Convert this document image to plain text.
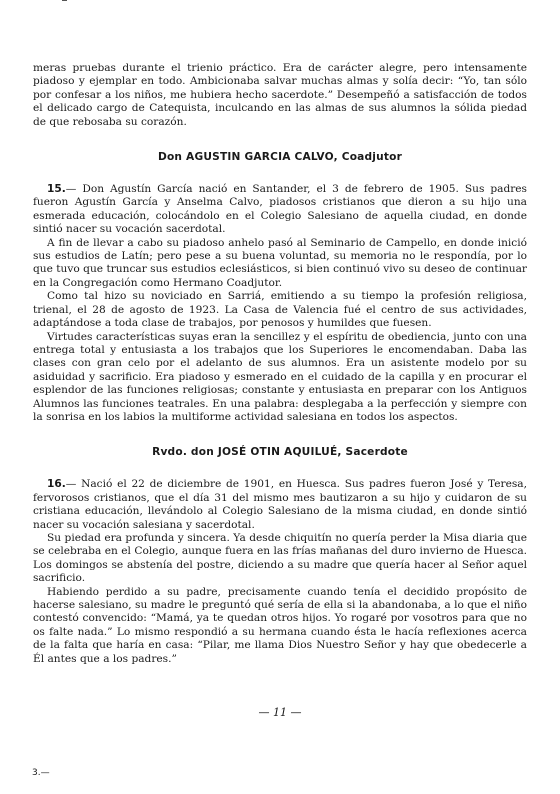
meras pruebas durante el trienio práctico. Era de carácter alegre, pero intensamente piadoso y ejemplar en todo. Ambicionaba salvar muchas almas y solía decir: “Yo, tan sólo por confesar a los niños, me hubiera hecho sacerdote.” Desempeñó a satisfacción de todos el delicado cargo de Catequista, inculcando en las almas de sus alumnos la sólida piedad de que rebosaba su corazón.

Don AGUSTIN GARCIA CALVO, Coadjutor

15.— Don Agustín García nació en Santander, el 3 de febrero de 1905. Sus padres fueron Agustín García y Anselma Calvo, piadosos cristianos que dieron a su hijo una esmerada educación, colocándolo en el Colegio Salesiano de aquella ciudad, en donde sintió nacer su vocación sacerdotal.

A fin de llevar a cabo su piadoso anhelo pasó al Seminario de Campello, en donde inició sus estudios de Latín; pero pese a su buena voluntad, su memoria no le respondía, por lo que tuvo que truncar sus estudios eclesiásticos, si bien continuó vivo su deseo de continuar en la Congregación como Hermano Coadjutor.

Como tal hizo su noviciado en Sarriá, emitiendo a su tiempo la profesión religiosa, trienal, el 28 de agosto de 1923. La Casa de Valencia fué el centro de sus actividades, adaptándose a toda clase de trabajos, por penosos y humildes que fuesen.

Virtudes características suyas eran la sencillez y el espíritu de obediencia, junto con una entrega total y entusiasta a los trabajos que los Superiores le encomendaban. Daba las clases con gran celo por el adelanto de sus alumnos. Era un asistente modelo por su asiduidad y sacrificio. Era piadoso y esmerado en el cuidado de la capilla y en procurar el esplendor de las funciones religiosas; constante y entusiasta en preparar con los Antiguos Alumnos las funciones teatrales. En una palabra: desplegaba a la perfección y siempre con la sonrisa en los labios la multiforme actividad salesiana en todos los aspectos.

Rvdo. don JOSÉ OTIN AQUILUÉ, Sacerdote

16.— Nació el 22 de diciembre de 1901, en Huesca. Sus padres fueron José y Teresa, fervorosos cristianos, que el día 31 del mismo mes bautizaron a su hijo y cuidaron de su cristiana educación, llevándolo al Colegio Salesiano de la misma ciudad, en donde sintió nacer su vocación salesiana y sacerdotal.

Su piedad era profunda y sincera. Ya desde chiquitín no quería perder la Misa diaria que se celebraba en el Colegio, aunque fuera en las frías mañanas del duro invierno de Huesca. Los domingos se abstenía del postre, diciendo a su madre que quería hacer al Señor aquel sacrificio.

Habiendo perdido a su padre, precisamente cuando tenía el decidido propósito de hacerse salesiano, su madre le preguntó qué sería de ella si la abandonaba, a lo que el niño contestó convencido: “Mamá, ya te quedan otros hijos. Yo rogaré por vosotros para que no os falte nada.” Lo mismo respondió a su hermana cuando ésta le hacía reflexiones acerca de la falta que haría en casa: “Pilar, me llama Dios Nuestro Señor y hay que obedecerle a Él antes que a los padres.”

— 11 —
3.—
